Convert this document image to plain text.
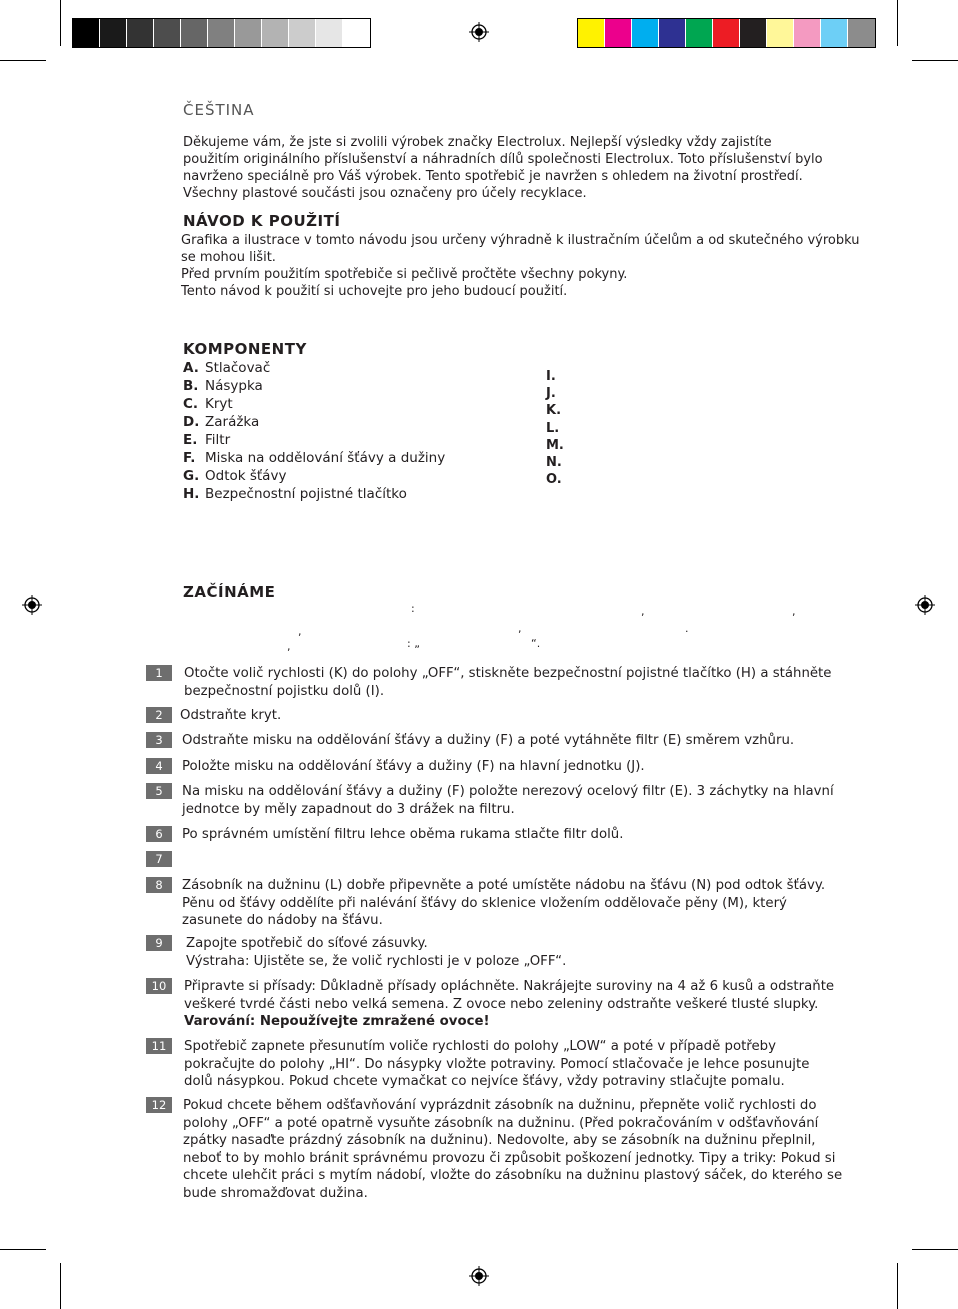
ČEŠTINA
Děkujeme vám, že jste si zvolili výrobek značky Electrolux. Nejlepší výsledky vždy zajistíte
použitím originálního příslušenství a náhradních dílů společnosti Electrolux. Toto příslušenství bylo
navrženo speciálně pro Váš výrobek. Tento spotřebič je navržen s ohledem na životní prostředí.
Všechny plastové součásti jsou označeny pro účely recyklace.
NÁVOD K POUŽITÍ
Grafika a ilustrace v tomto návodu jsou určeny výhradně k ilustračním účelům a od skutečného výrobku
se mohou lišit.
Před prvním použitím spotřebiče si pečlivě pročtěte všechny pokyny.
Tento návod k použití si uchovejte pro jeho budoucí použití.
KOMPONENTY
A. Stlačovač
B. Násypka
C. Kryt
D. Zarážka
E. Filtr
F. Miska na oddělování šťávy a dužiny
G. Odtok šťávy
H. Bezpečnostní pojistné tlačítko
I.
J.
K.
L.
M.
N.
O.
ZAČÍNÁME
:	,	,
,	.
,
,	: „	“.
1	Otočte volič rychlosti (K) do polohy „OFF“, stiskněte bezpečnostní pojistné tlačítko (H) a stáhněte
bezpečnostní pojistku dolů (I).
2	Odstraňte kryt.
3	Odstraňte misku na oddělování šťávy a dužiny (F) a poté vytáhněte filtr (E) směrem vzhůru.
4	Položte misku na oddělování šťávy a dužiny (F) na hlavní jednotku (J).
5	Na misku na oddělování šťávy a dužiny (F) položte nerezový ocelový filtr (E). 3 záchytky na hlavní
jednotce by měly zapadnout do 3 drážek na filtru.
6	Po správném umístění filtru lehce oběma rukama stlačte filtr dolů.
7
8	Zásobník na dužninu (L) dobře připevněte a poté umístěte nádobu na šťávu (N) pod odtok šťávy.
Pěnu od šťávy oddělíte při nalévání šťávy do sklenice vložením oddělovače pěny (M), který
zasunete do nádoby na šťávu.
9	Zapojte spotřebič do síťové zásuvky.
Výstraha: Ujistěte se, že volič rychlosti je v poloze „OFF“.
10	Připravte si přísady: Důkladně přísady opláchněte. Nakrájejte suroviny na 4 až 6 kusů a odstraňte
veškeré tvrdé části nebo velká semena. Z ovoce nebo zeleniny odstraňte veškeré tlusté slupky.
Varování: Nepoužívejte zmražené ovoce!
11	Spotřebič zapnete přesunutím voliče rychlosti do polohy „LOW“ a poté v případě potřeby
pokračujte do polohy „HI“. Do násypky vložte potraviny. Pomocí stlačovače je lehce posunujte
dolů násypkou. Pokud chcete vymačkat co nejvíce šťávy, vždy potraviny stlačujte pomalu.
12	Pokud chcete během odšťavňování vyprázdnit zásobník na dužninu, přepněte volič rychlosti do
polohy „OFF“ a poté opatrně vysuňte zásobník na dužninu. (Před pokračováním v odšťavňování
zpátky nasaďte prázdný zásobník na dužninu). Nedovolte, aby se zásobník na dužninu přeplnil,
neboť to by mohlo bránit správnému provozu či způsobit poškození jednotky. Tipy a triky: Pokud si
chcete ulehčit práci s mytím nádobí, vložte do zásobníku na dužninu plastový sáček, do kterého se
bude shromažďovat dužina.
